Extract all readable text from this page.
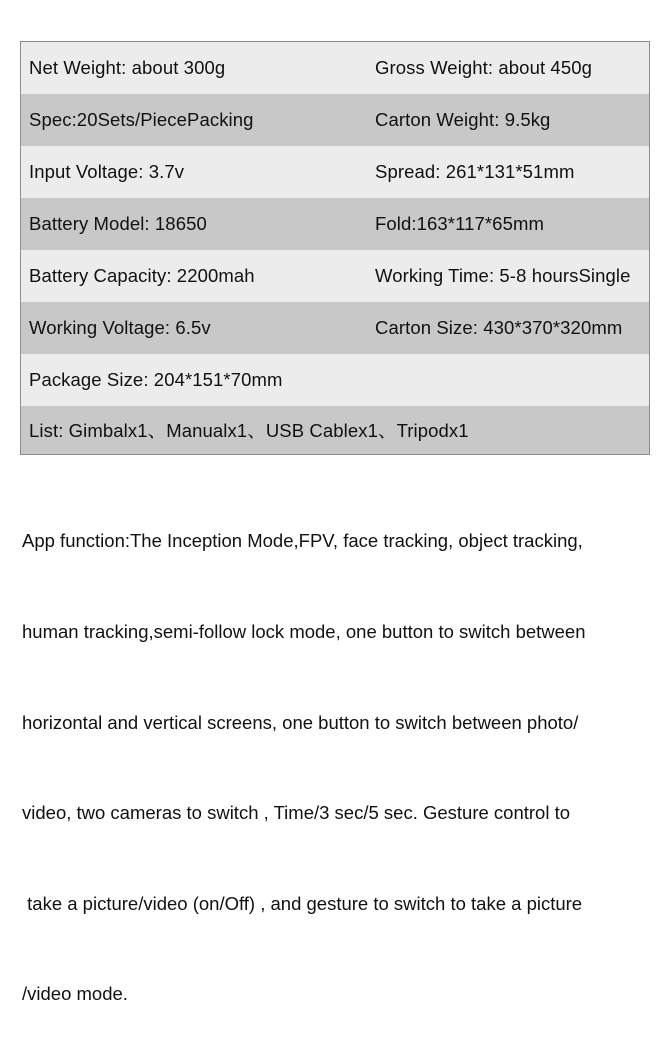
Net Weight: about 300g	Gross Weight: about 450g
Spec:20Sets/PiecePacking	Carton Weight: 9.5kg
Input Voltage: 3.7v	Spread: 261*131*51mm
Battery Model: 18650	Fold:163*117*65mm
Battery Capacity: 2200mah	Working Time: 5-8 hoursSingle
Working Voltage: 6.5v	Carton Size: 430*370*320mm
Package Size: 204*151*70mm
List: Gimbalx1、Manualx1、USB Cablex1、Tripodx1

App function:The Inception Mode,FPV, face tracking, object tracking,

human tracking,semi-follow lock mode, one button to switch between

horizontal and vertical screens, one button to switch between photo/

video, two cameras to switch , Time/3 sec/5 sec. Gesture control to

take a picture/video (on/Off) , and gesture to switch to take a picture

/video mode.
